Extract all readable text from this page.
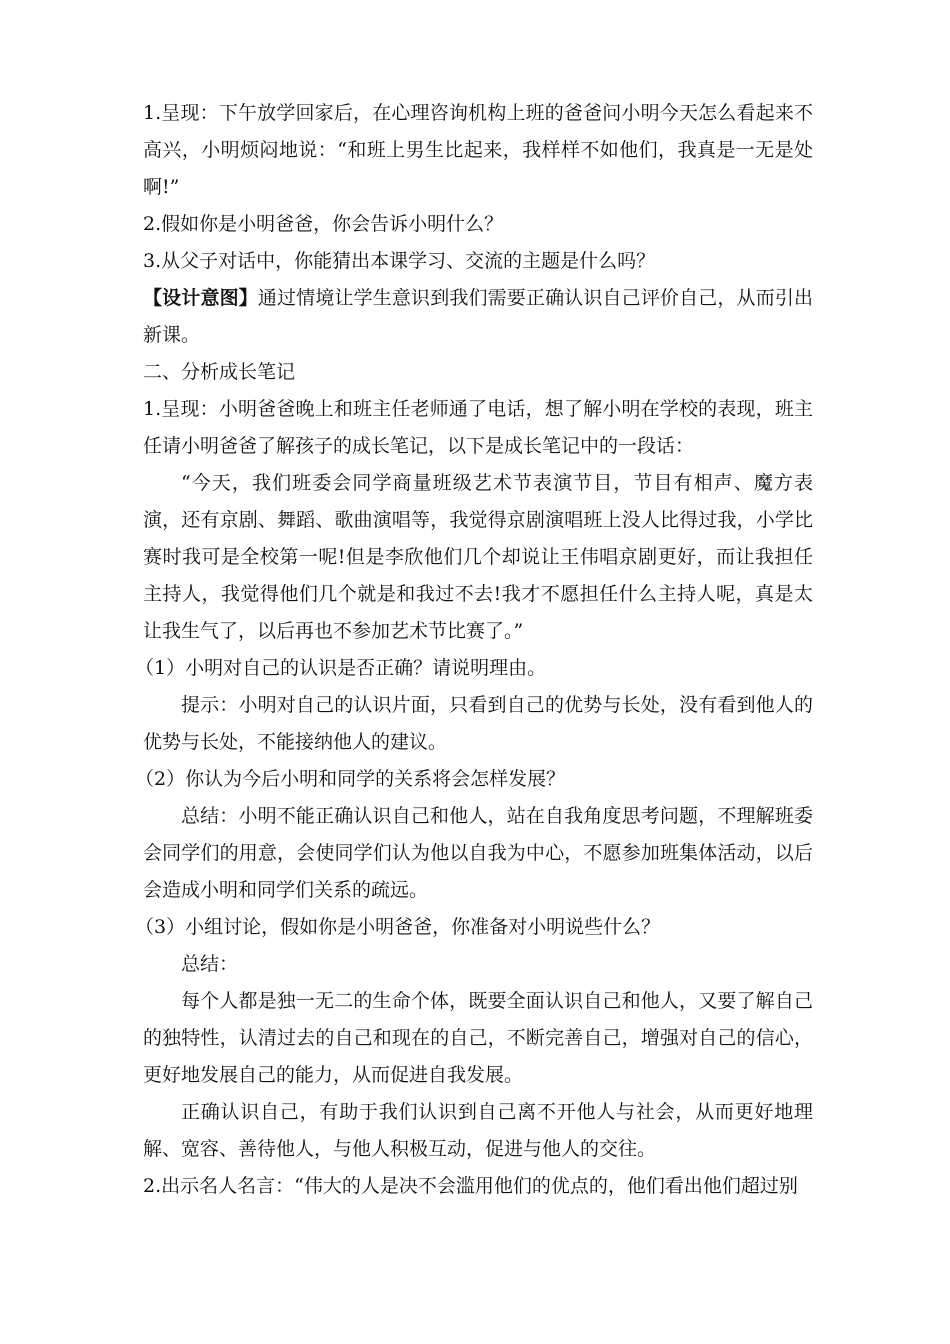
1.呈现：下午放学回家后，在心理咨询机构上班的爸爸问小明今天怎么看起来不高兴，小明烦闷地说：“和班上男生比起来，我样样不如他们，我真是一无是处啊!”

2.假如你是小明爸爸，你会告诉小明什么？

3.从父子对话中，你能猜出本课学习、交流的主题是什么吗？

【设计意图】通过情境让学生意识到我们需要正确认识自己评价自己，从而引出新课。

二、分析成长笔记

1.呈现：小明爸爸晚上和班主任老师通了电话，想了解小明在学校的表现，班主任请小明爸爸了解孩子的成长笔记，以下是成长笔记中的一段话：

“今天，我们班委会同学商量班级艺术节表演节目，节目有相声、魔方表演，还有京剧、舞蹈、歌曲演唱等，我觉得京剧演唱班上没人比得过我，小学比赛时我可是全校第一呢!但是李欣他们几个却说让王伟唱京剧更好，而让我担任主持人，我觉得他们几个就是和我过不去!我才不愿担任什么主持人呢，真是太让我生气了，以后再也不参加艺术节比赛了。”

（1）小明对自己的认识是否正确？请说明理由。

提示：小明对自己的认识片面，只看到自己的优势与长处，没有看到他人的优势与长处，不能接纳他人的建议。

（2）你认为今后小明和同学的关系将会怎样发展？

总结：小明不能正确认识自己和他人，站在自我角度思考问题，不理解班委会同学们的用意，会使同学们认为他以自我为中心，不愿参加班集体活动，以后会造成小明和同学们关系的疏远。

（3）小组讨论，假如你是小明爸爸，你准备对小明说些什么？

总结：

每个人都是独一无二的生命个体，既要全面认识自己和他人，又要了解自己的独特性，认清过去的自己和现在的自己，不断完善自己，增强对自己的信心，更好地发展自己的能力，从而促进自我发展。

正确认识自己，有助于我们认识到自己离不开他人与社会，从而更好地理解、宽容、善待他人，与他人积极互动，促进与他人的交往。

2.出示名人名言：“伟大的人是决不会滥用他们的优点的，他们看出他们超过别
